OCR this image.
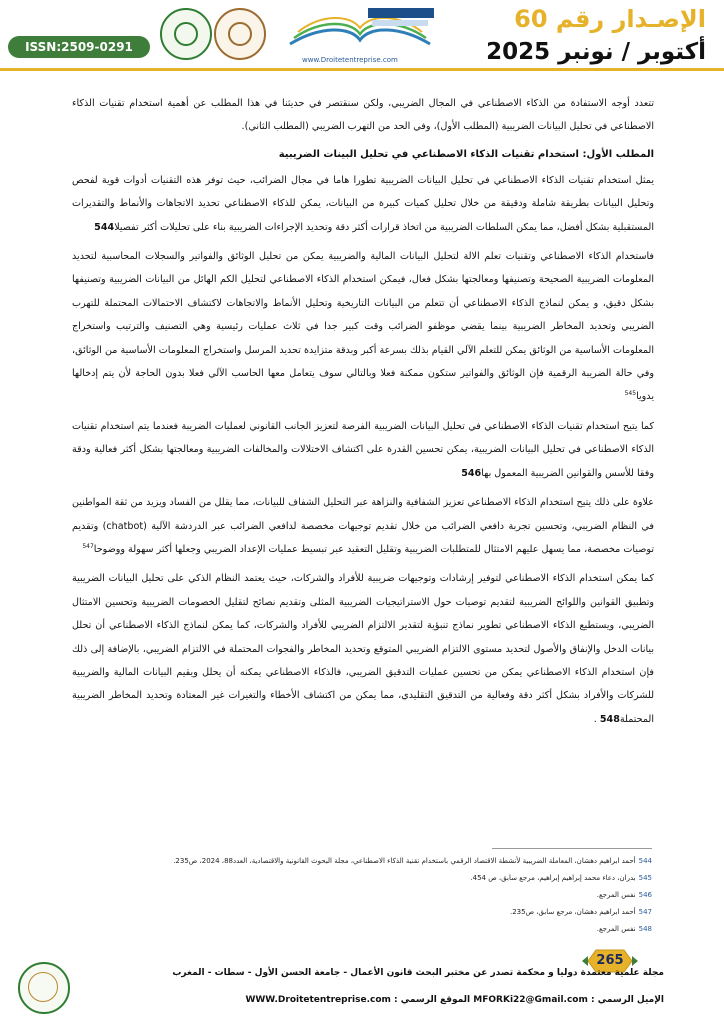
الإصـدار رقم 60
أكتوبر / نونبر 2025
www.Droitetentreprise.com
ISSN:2509-0291

تتعدد أوجه الاستفادة من الذكاء الاصطناعي في المجال الضريبي، ولكن سنقتصر في حديثنا في هذا المطلب عن أهمية استخدام تقنيات الذكاء الاصطناعي في تحليل البيانات الضريبية (المطلب الأول)، وفي الحد من التهرب الضريبي (المطلب الثاني).

المطلب الأول: استخدام تقنيات الذكاء الاصطناعي في تحليل البينات الضريبية

يمثل استخدام تقنيات الذكاء الاصطناعي في تحليل البيانات الضريبية تطورا هاما في مجال الضرائب، حيث توفر هذه التقنيات أدوات قوية لفحص وتحليل البيانات بطريقة شاملة ودقيقة من خلال تحليل كميات كبيرة من البيانات، يمكن للذكاء الاصطناعي تحديد الاتجاهات والأنماط والتقديرات المستقبلية بشكل أفضل، مما يمكن السلطات الضريبية من اتخاذ قرارات أكثر دقة وتحديد الإجراءات الضريبية بناء على تحليلات أكثر تفصيلا544

فاستخدام الذكاء الاصطناعي وتقنيات تعلم الالة لتحليل البيانات المالية والضريبية يمكن من تحليل الوثائق والفواتير والسجلات المحاسبية لتحديد المعلومات الضريبية الصحيحة وتصنيفها ومعالجتها بشكل فعال، فيمكن استخدام الذكاء الاصطناعي لتحليل الكم الهائل من البيانات الضريبية وتصنيفها بشكل دقيق، و يمكن لنماذج الذكاء الاصطناعي أن تتعلم من البيانات التاريخية وتحليل الأنماط والاتجاهات لاكتشاف الاحتمالات المحتملة للتهرب الضريبي وتحديد المخاطر الضريبية بينما يقضي موظفو الضرائب وقت كبير جدا في ثلاث عمليات رئيسية وهي التصنيف والترتيب واستخراج المعلومات الأساسية من الوثائق يمكن للتعلم الآلي القيام بذلك بسرعة أكبر وبدقة متزايدة تحديد المرسل واستخراج المعلومات الأساسية من الوثائق، وفي حالة الضريبة الرقمية فإن الوثائق والفواتير ستكون ممكنة فعلا وبالتالي سوف يتعامل معها الحاسب الآلي فعلا بدون الحاجة لأن يتم إدخالها يدويا$^{545}$

كما يتيح استخدام تقنيات الذكاء الاصطناعي في تحليل البيانات الضريبية الفرصة لتعزيز الجانب القانوني لعمليات الضريبة فعندما يتم استخدام تقنيات الذكاء الاصطناعي في تحليل البيانات الضريبية، يمكن تحسين القدرة على اكتشاف الاختلالات والمخالفات الضريبية ومعالجتها بشكل أكثر فعالية ودقة وفقا للأسس والقوانين الضريبية المعمول بها546

علاوة على ذلك يتيح استخدام الذكاء الاصطناعي تعزيز الشفافية والنزاهة عبر التحليل الشفاف للبيانات، مما يقلل من الفساد ويزيد من ثقة المواطنين في النظام الضريبي، وتحسين تجربة دافعي الضرائب من خلال تقديم توجيهات مخصصة لدافعي الضرائب عبر الدردشة الآلية (chatbot) وتقديم توصيات مخصصة، مما يسهل عليهم الامتثال للمتطلبات الضريبية وتقليل التعقيد عبر تبسيط عمليات الإعداد الضريبي وجعلها أكثر سهولة ووضوحا$^{547}$

كما يمكن استخدام الذكاء الاصطناعي لتوفير إرشادات وتوجيهات ضريبية للأفراد والشركات، حيث يعتمد النظام الذكي على تحليل البيانات الضريبية وتطبيق القوانين واللوائح الضريبية لتقديم توصيات حول الاستراتيجيات الضريبية المثلى وتقديم نصائح لتقليل الخصومات الضريبية وتحسين الامتثال الضريبي، ويستطيع الذكاء الاصطناعي تطوير نماذج تنبؤية لتقدير الالتزام الضريبي للأفراد والشركات، كما يمكن لنماذج الذكاء الاصطناعي أن تحلل بيانات الدخل والإنفاق والأصول لتحديد مستوى الالتزام الضريبي المتوقع وتحديد المخاطر والفجوات المحتملة في الالتزام الضريبي، بالإضافة إلى ذلك فإن استخدام الذكاء الاصطناعي يمكن من تحسين عمليات التدقيق الضريبي، فالذكاء الاصطناعي يمكنه أن يحلل ويقيم البيانات المالية والضريبية للشركات والأفراد بشكل أكثر دقة وفعالية من التدقيق التقليدي، مما يمكن من اكتشاف الأخطاء والتغيرات غير المعتادة وتحديد المخاطر الضريبية المحتملة548 .

544أحمد ابراهيم دهشان، المعاملة الضريبية لأنشطة الاقتصاد الرقمي باستخدام تقنية الذكاء الاصطناعي، مجلة البحوث القانونية والاقتصادية، العدد88، 2024، ص235.
545بدران، دعاء محمد إبراهيم إبراهيم، مرجع سابق، ص 454.
546نفس المرجع.
547أحمد ابراهيم دهشان، مرجع سابق، ص235.
548نفس المرجع.
265
مجلة علمية معتمدة دوليا و محكمة تصدر عن مختبر البحث قانون الأعمال - جامعة الحسن الأول - سطات - المغرب
الإميل الرسمي : MFORKi22@Gmail.com الموقع الرسمي : WWW.Droitetentreprise.com
